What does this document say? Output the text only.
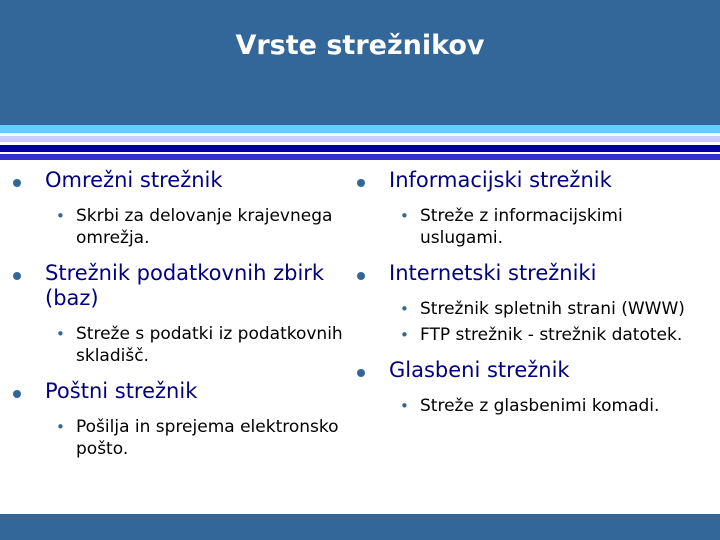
Vrste strežnikov
Omrežni strežnik
• Skrbi za delovanje krajevnega omrežja.
Strežnik podatkovnih zbirk (baz)
• Streže s podatki iz podatkovnih skladišč.
Poštni strežnik
• Pošilja in sprejema elektronsko pošto.
Informacijski strežnik
• Streže z informacijskimi uslugami.
Internetski strežniki
• Strežnik spletnih strani (WWW)
• FTP strežnik - strežnik datotek.
Glasbeni strežnik
• Streže z glasbenimi komadi.
